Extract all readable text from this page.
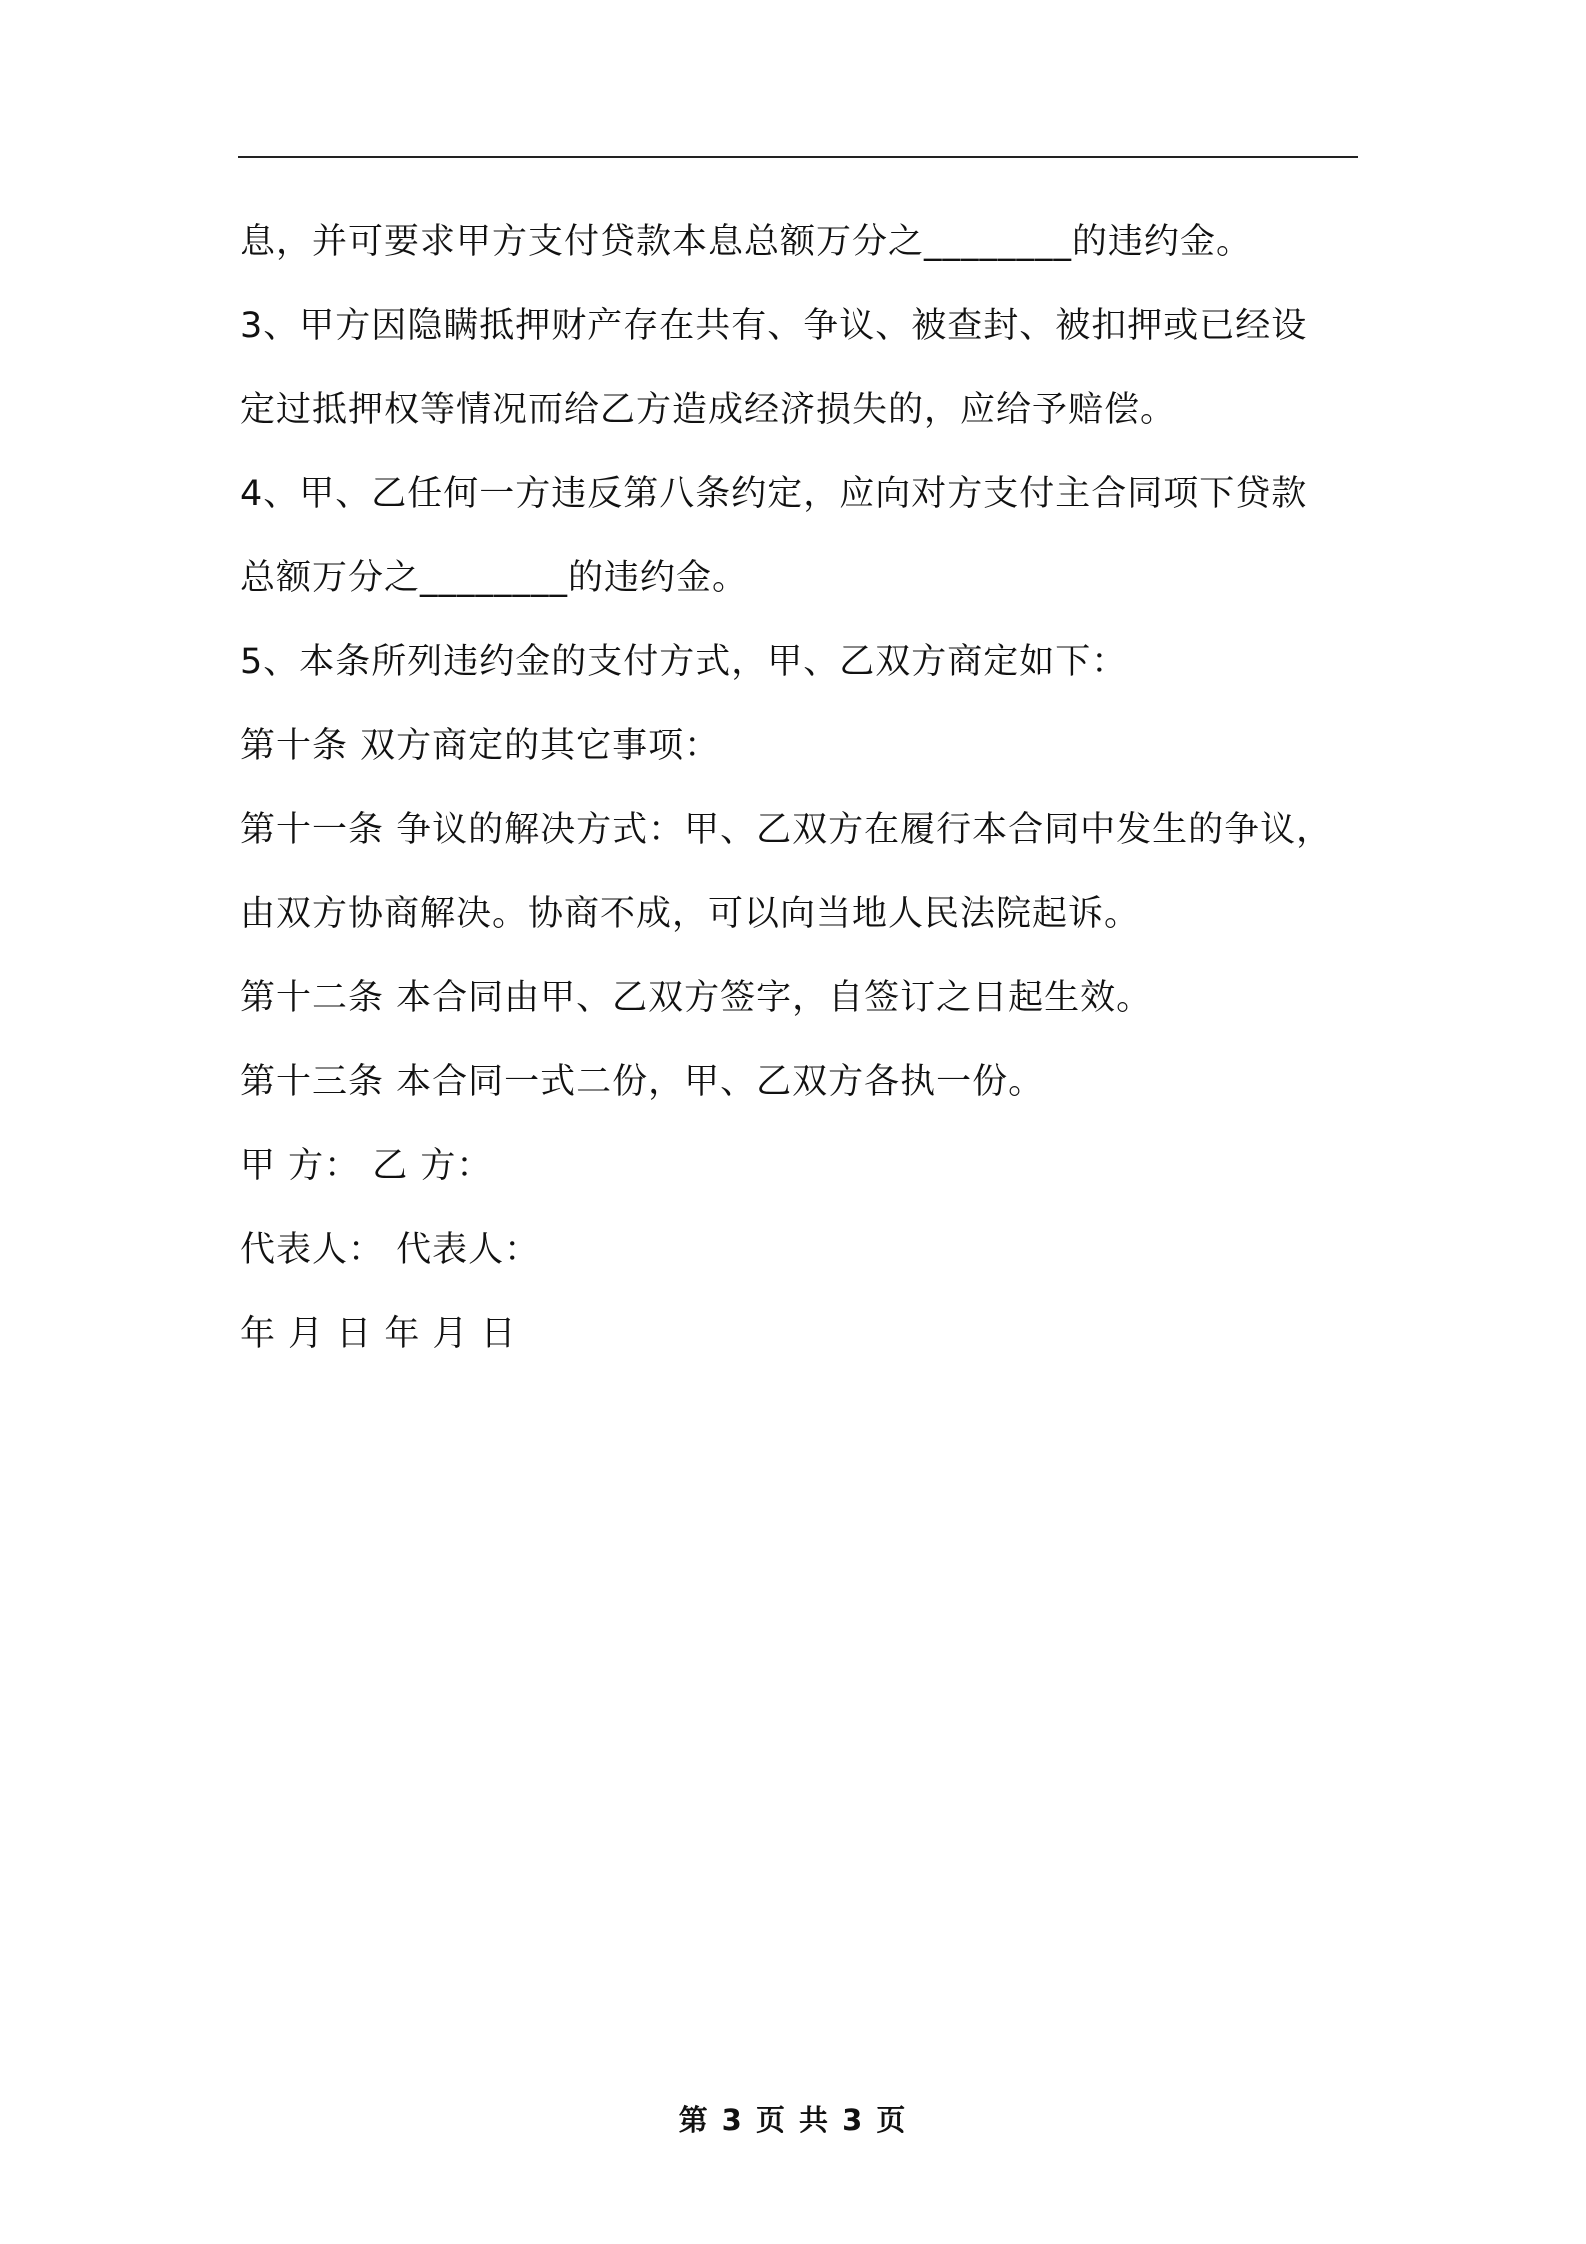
息，并可要求甲方支付贷款本息总额万分之________的违约金。
3、甲方因隐瞒抵押财产存在共有、争议、被查封、被扣押或已经设
定过抵押权等情况而给乙方造成经济损失的，应给予赔偿。
4、甲、乙任何一方违反第八条约定，应向对方支付主合同项下贷款
总额万分之________的违约金。
5、本条所列违约金的支付方式，甲、乙双方商定如下：
第十条 双方商定的其它事项：
第十一条 争议的解决方式：甲、乙双方在履行本合同中发生的争议，
由双方协商解决。协商不成，可以向当地人民法院起诉。
第十二条 本合同由甲、乙双方签字，自签订之日起生效。
第十三条 本合同一式二份，甲、乙双方各执一份。
甲 方： 乙 方：
代表人： 代表人：
年 月 日 年 月 日
第 3 页 共 3 页
